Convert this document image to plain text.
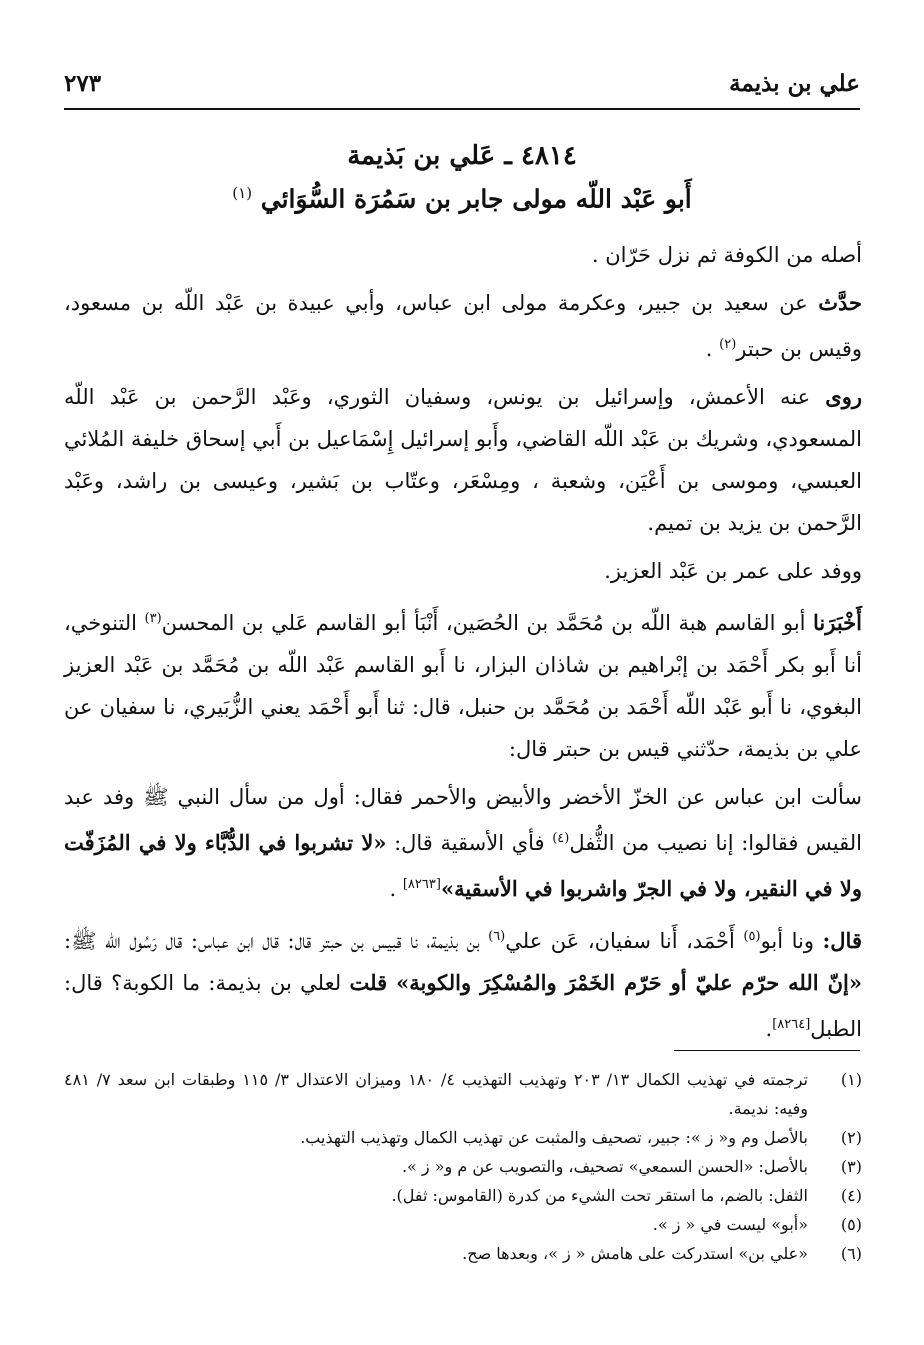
علي بن بذيمة
٢٧٣
٤٨١٤ ـ عَلي بن بَذيمة
أَبو عَبْد اللّه مولى جابر بن سَمُرَة السُّوَائي $^{(١)}$

أصله من الكوفة ثم نزل حَرّان .

حدَّث عن سعيد بن جبير، وعكرمة مولى ابن عباس، وأبي عبيدة بن عَبْد اللّه بن مسعود، وقيس بن حبتر$^{(٢)}$ .

روى عنه الأعمش، وإسرائيل بن يونس، وسفيان الثوري، وعَبْد الرَّحمن بن عَبْد اللّه المسعودي، وشريك بن عَبْد اللّه القاضي، وأَبو إسرائيل إِسْمَاعيل بن أَبي إسحاق خليفة المُلائي العبسي، وموسى بن أَعْيَن، وشعبة ، ومِسْعَر، وعتّاب بن بَشير، وعيسى بن راشد، وعَبْد الرَّحمن بن يزيد بن تميم.

ووفد على عمر بن عَبْد العزيز.

أَخْبَرَنا أبو القاسم هبة اللّه بن مُحَمَّد بن الحُصَين، أَنْبَأ أبو القاسم عَلي بن المحسن$^{(٣)}$ التنوخي، أنا أَبو بكر أَحْمَد بن إبْراهيم بن شاذان البزار، نا أَبو القاسم عَبْد اللّه بن مُحَمَّد بن عَبْد العزيز البغوي، نا أَبو عَبْد اللّه أَحْمَد بن مُحَمَّد بن حنبل، قال: ثنا أَبو أَحْمَد يعني الزُّبَيري، نا سفيان عن علي بن بذيمة، حدّثني قيس بن حبتر قال:

سألت ابن عباس عن الخزّ الأخضر والأبيض والأحمر فقال: أول من سأل النبي ﷺ وفد عبد القيس فقالوا: إنا نصيب من الثُّفل$^{(٤)}$ فأي الأسقية قال: «لا تشربوا في الدُّبَّاء ولا في المُزَفّت ولا في النقير، ولا في الجرّ واشربوا في الأسقية»[٨٢٦٣] .

قال: ونا أبو$^{(٥)}$ أَحْمَد، أَنا سفيان، عَن علي$^{(٦)}$ بن بذيمة، نا قبيس بن حبتر قال: قال ابن عباس: قال رَسُول اللّه ﷺ: «إنّ الله حرّم عليّ أو حَرّم الخَمْرَ والمُسْكِرَ والكوبة» قلت لعلي بن بذيمة: ما الكوبة؟ قال: الطبل[٨٢٦٤].

(١)
ترجمته في تهذيب الكمال ١٣/ ٢٠٣ وتهذيب التهذيب ٤/ ١٨٠ وميزان الاعتدال ٣/ ١١٥ وطبقات ابن سعد ٧/ ٤٨١ وفيه: نديمة.
(٢)
بالأصل وم و« ز »: جبير، تصحيف والمثبت عن تهذيب الكمال وتهذيب التهذيب.
(٣)
بالأصل: «الحسن السمعي» تصحيف، والتصويب عن م و« ز ».
(٤)
الثفل: بالضم، ما استقر تحت الشيء من كدرة (القاموس: ثفل).
(٥)
«أبو» ليست في « ز ».
(٦)
«علي بن» استدركت على هامش « ز »، وبعدها صح.
